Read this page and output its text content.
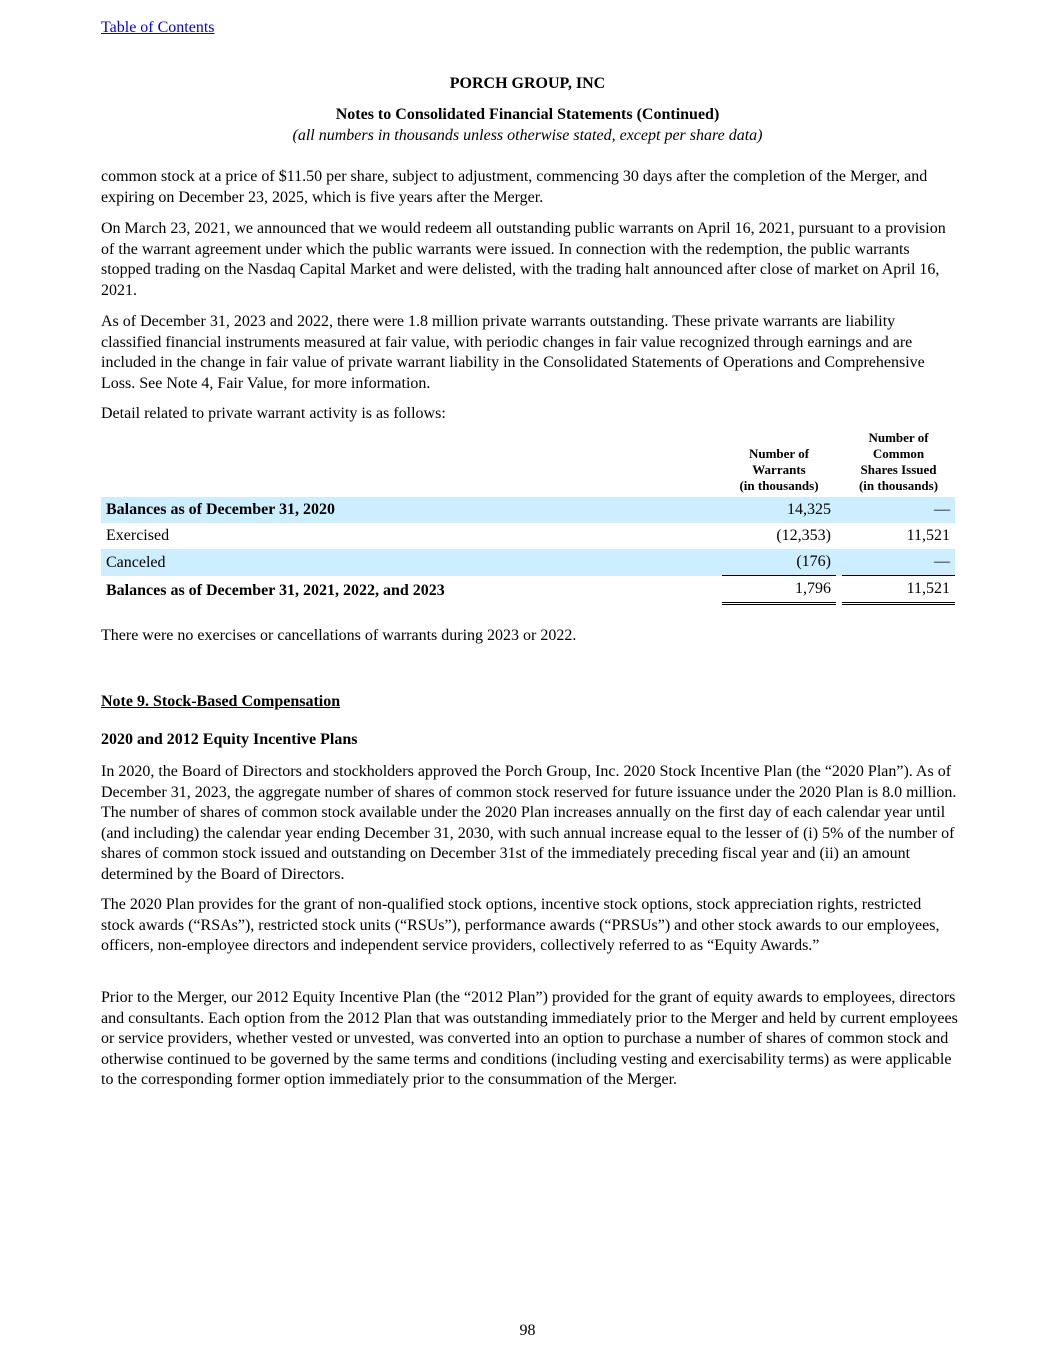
Table of Contents
PORCH GROUP, INC
Notes to Consolidated Financial Statements (Continued)
(all numbers in thousands unless otherwise stated, except per share data)

common stock at a price of $11.50 per share, subject to adjustment, commencing 30 days after the completion of the Merger, and expiring on December 23, 2025, which is five years after the Merger.

On March 23, 2021, we announced that we would redeem all outstanding public warrants on April 16, 2021, pursuant to a provision of the warrant agreement under which the public warrants were issued. In connection with the redemption, the public warrants stopped trading on the Nasdaq Capital Market and were delisted, with the trading halt announced after close of market on April 16, 2021.

As of December 31, 2023 and 2022, there were 1.8 million private warrants outstanding. These private warrants are liability classified financial instruments measured at fair value, with periodic changes in fair value recognized through earnings and are included in the change in fair value of private warrant liability in the Consolidated Statements of Operations and Comprehensive Loss. See Note 4, Fair Value, for more information.

Detail related to private warrant activity is as follows:

	Number of
Warrants
(in thousands)		Number of
Common
Shares Issued
(in thousands)
Balances as of December 31, 2020	14,325		—
Exercised	(12,353)		11,521
Canceled	(176)		—
Balances as of December 31, 2021, 2022, and 2023	1,796		11,521

There were no exercises or cancellations of warrants during 2023 or 2022.

Note 9. Stock-Based Compensation
2020 and 2012 Equity Incentive Plans

In 2020, the Board of Directors and stockholders approved the Porch Group, Inc. 2020 Stock Incentive Plan (the “2020 Plan”). As of December 31, 2023, the aggregate number of shares of common stock reserved for future issuance under the 2020 Plan is 8.0 million. The number of shares of common stock available under the 2020 Plan increases annually on the first day of each calendar year until (and including) the calendar year ending December 31, 2030, with such annual increase equal to the lesser of (i) 5% of the number of shares of common stock issued and outstanding on December 31st of the immediately preceding fiscal year and (ii) an amount determined by the Board of Directors.

The 2020 Plan provides for the grant of non-qualified stock options, incentive stock options, stock appreciation rights, restricted stock awards (“RSAs”), restricted stock units (“RSUs”), performance awards (“PRSUs”) and other stock awards to our employees, officers, non-employee directors and independent service providers, collectively referred to as “Equity Awards.”

Prior to the Merger, our 2012 Equity Incentive Plan (the “2012 Plan”) provided for the grant of equity awards to employees, directors and consultants. Each option from the 2012 Plan that was outstanding immediately prior to the Merger and held by current employees or service providers, whether vested or unvested, was converted into an option to purchase a number of shares of common stock and otherwise continued to be governed by the same terms and conditions (including vesting and exercisability terms) as were applicable to the corresponding former option immediately prior to the consummation of the Merger.

98
